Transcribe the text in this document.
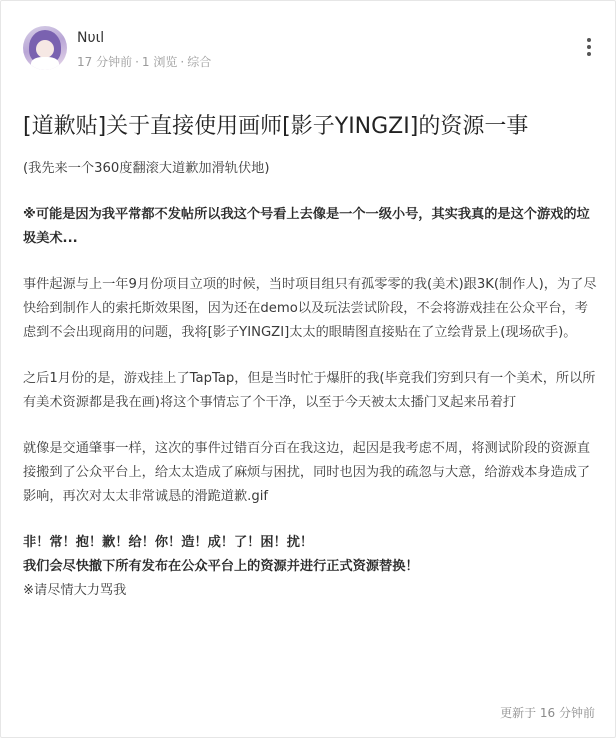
Nυιl
17 分钟前 · 1 浏览 · 综合
[道歉贴]关于直接使用画师[影子YINGZI]的资源一事

(我先来一个360度翻滚大道歉加滑轨伏地)

※可能是因为我平常都不发帖所以我这个号看上去像是一个一级小号，其实我真的是这个游戏的垃圾美术...

事件起源与上一年9月份项目立项的时候，当时项目组只有孤零零的我(美术)跟3K(制作人)，为了尽快给到制作人的索托斯效果图，因为还在demo以及玩法尝试阶段，不会将游戏挂在公众平台，考虑到不会出现商用的问题，我将[影子YINGZI]太太的眼睛图直接贴在了立绘背景上(现场砍手)。

之后1月份的是，游戏挂上了TapTap，但是当时忙于爆肝的我(毕竟我们穷到只有一个美术，所以所有美术资源都是我在画)将这个事情忘了个干净，以至于今天被太太播门叉起来吊着打

就像是交通肇事一样，这次的事件过错百分百在我这边，起因是我考虑不周，将测试阶段的资源直接搬到了公众平台上，给太太造成了麻烦与困扰，同时也因为我的疏忽与大意，给游戏本身造成了影响，再次对太太非常诚恳的滑跪道歉.gif

非！常！抱！歉！给！你！造！成！了！困！扰！

我们会尽快撤下所有发布在公众平台上的资源并进行正式资源替换！

※请尽情大力骂我

更新于 16 分钟前
